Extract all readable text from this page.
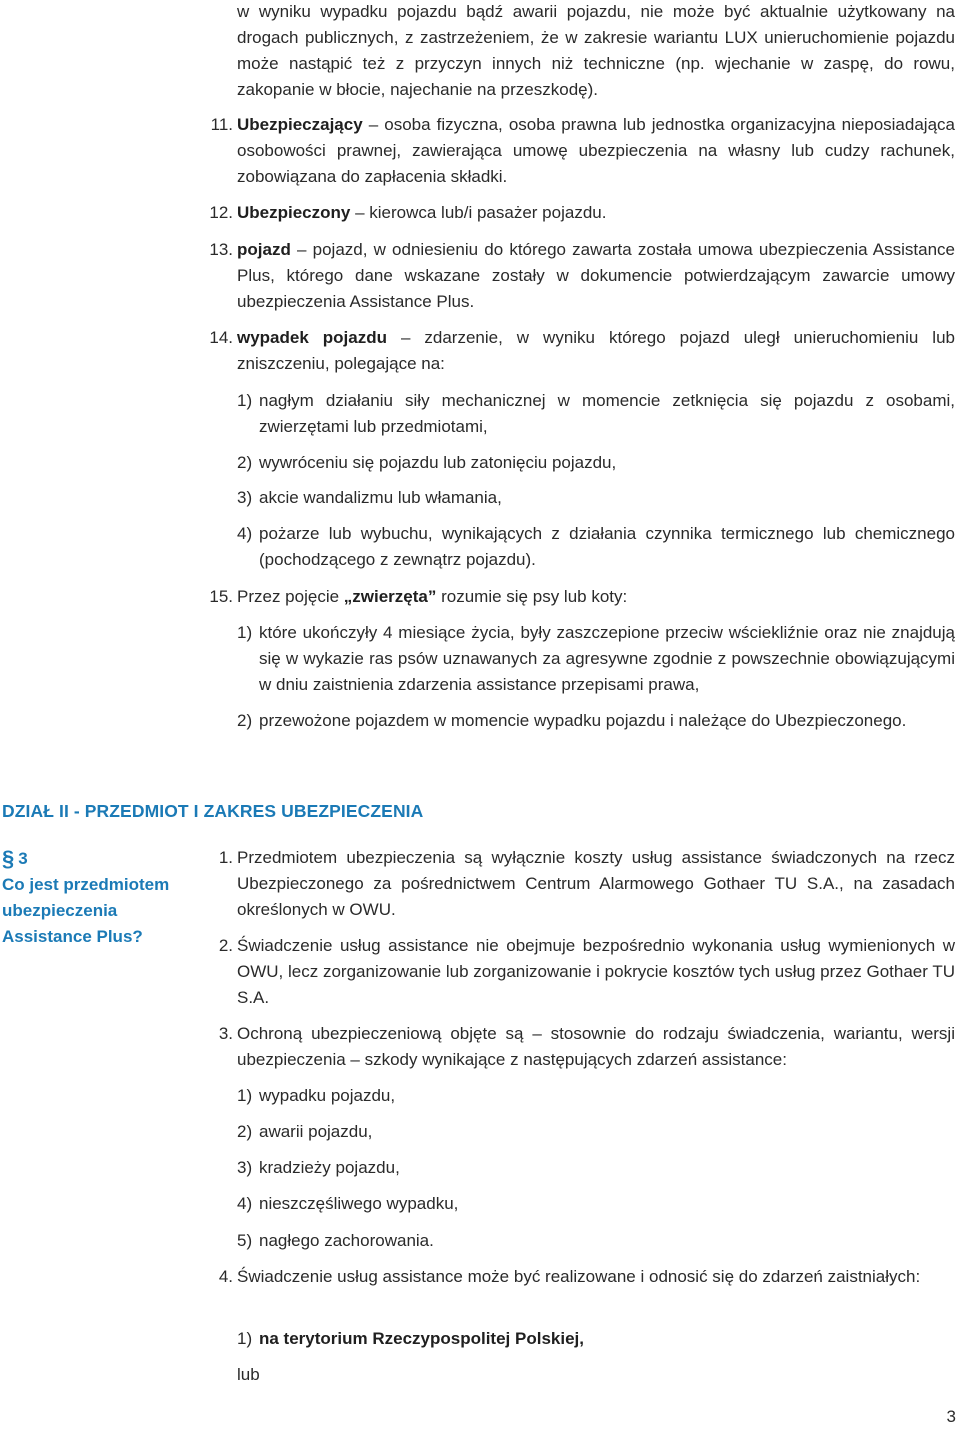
w wyniku wypadku pojazdu bądź awarii pojazdu, nie może być aktualnie użytkowany na drogach publicznych, z zastrzeżeniem, że w zakresie wariantu LUX unieruchomienie pojazdu może nastąpić też z przyczyn innych niż techniczne (np. wjechanie w zaspę, do rowu, zakopanie w błocie, najechanie na przeszkodę).
11. Ubezpieczający – osoba fizyczna, osoba prawna lub jednostka organizacyjna nieposiadająca osobowości prawnej, zawierająca umowę ubezpieczenia na własny lub cudzy rachunek, zobowiązana do zapłacenia składki.
12. Ubezpieczony – kierowca lub/i pasażer pojazdu.
13. pojazd – pojazd, w odniesieniu do którego zawarta została umowa ubezpieczenia Assistance Plus, którego dane wskazane zostały w dokumencie potwierdzającym zawarcie umowy ubezpieczenia Assistance Plus.
14. wypadek pojazdu – zdarzenie, w wyniku którego pojazd uległ unieruchomieniu lub zniszczeniu, polegające na:
1) nagłym działaniu siły mechanicznej w momencie zetknięcia się pojazdu z osobami, zwierzętami lub przedmiotami,
2) wywróceniu się pojazdu lub zatonięciu pojazdu,
3) akcie wandalizmu lub włamania,
4) pożarze lub wybuchu, wynikających z działania czynnika termicznego lub chemicznego (pochodzącego z zewnątrz pojazdu).
15. Przez pojęcie „zwierzęta” rozumie się psy lub koty:
1) które ukończyły 4 miesiące życia, były zaszczepione przeciw wściekliźnie oraz nie znajdują się w wykazie ras psów uznawanych za agresywne zgodnie z powszechnie obowiązującymi w dniu zaistnienia zdarzenia assistance przepisami prawa,
2) przewożone pojazdem w momencie wypadku pojazdu i należące do Ubezpieczonego.
DZIAŁ II - PRZEDMIOT I ZAKRES UBEZPIECZENIA
§ 3
Co jest przedmiotem ubezpieczenia Assistance Plus?
1. Przedmiotem ubezpieczenia są wyłącznie koszty usług assistance świadczonych na rzecz Ubezpieczonego za pośrednictwem Centrum Alarmowego Gothaer TU S.A., na zasadach określonych w OWU.
2. Świadczenie usług assistance nie obejmuje bezpośrednio wykonania usług wymienionych w OWU, lecz zorganizowanie lub zorganizowanie i pokrycie kosztów tych usług przez Gothaer TU S.A.
3. Ochroną ubezpieczeniową objęte są – stosownie do rodzaju świadczenia, wariantu, wersji ubezpieczenia – szkody wynikające z następujących zdarzeń assistance:
1) wypadku pojazdu,
2) awarii pojazdu,
3) kradzieży pojazdu,
4) nieszczęśliwego wypadku,
5) nagłego zachorowania.
4. Świadczenie usług assistance może być realizowane i odnosić się do zdarzeń zaistniałych:
1) na terytorium Rzeczypospolitej Polskiej,
lub
3
